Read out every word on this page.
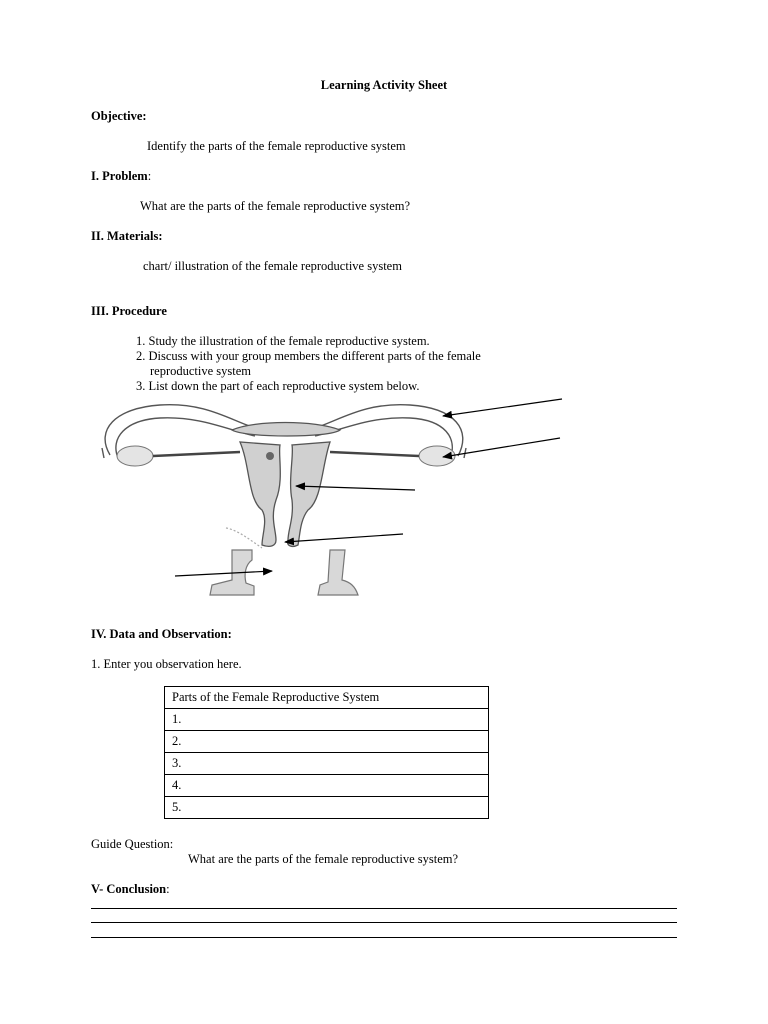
Learning Activity Sheet
Objective:
Identify the parts of the female reproductive system
I. Problem:
What are the parts of the female reproductive system?
II. Materials:
chart/ illustration of the female reproductive system
III. Procedure
1. Study the illustration of the female reproductive system.
2. Discuss with your group members the different parts of the female
reproductive system
3. List down the part of each reproductive system below.
IV. Data and Observation:
1. Enter you observation here.
Parts of the Female Reproductive System
1.
2.
3.
4.
5.
Guide Question:
What are the parts of the female reproductive system?
V- Conclusion:
